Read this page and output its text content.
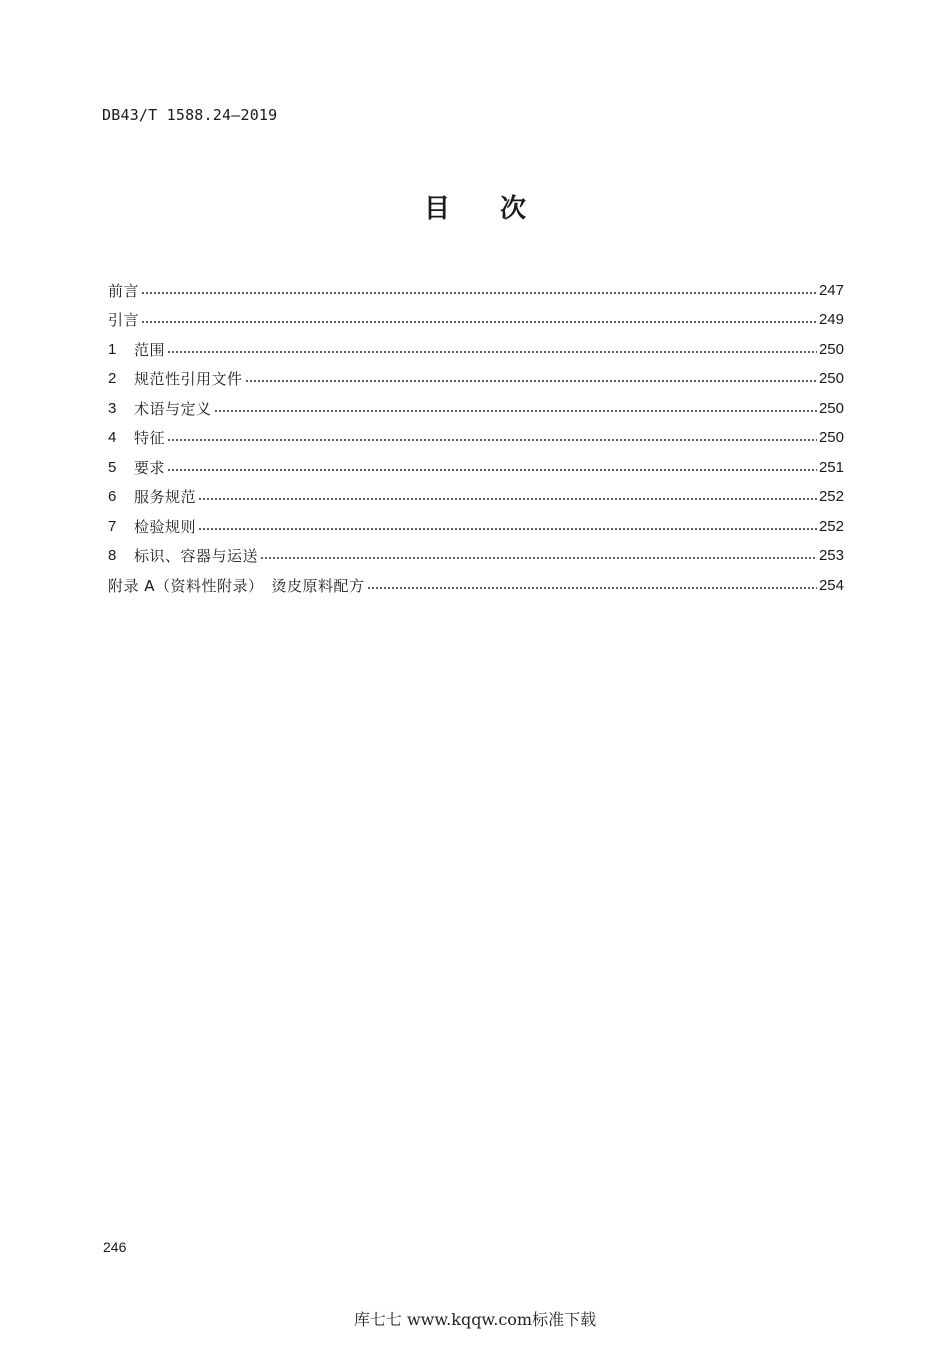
DB43/T 1588.24—2019
目 次
前言	247
引言	249
1	范围	250
2	规范性引用文件	250
3	术语与定义	250
4	特征	250
5	要求	251
6	服务规范	252
7	检验规则	252
8	标识、容器与运送	253
附录 A（资料性附录）　烫皮原料配方	254
246
库七七 www.kqqw.com标准下载
